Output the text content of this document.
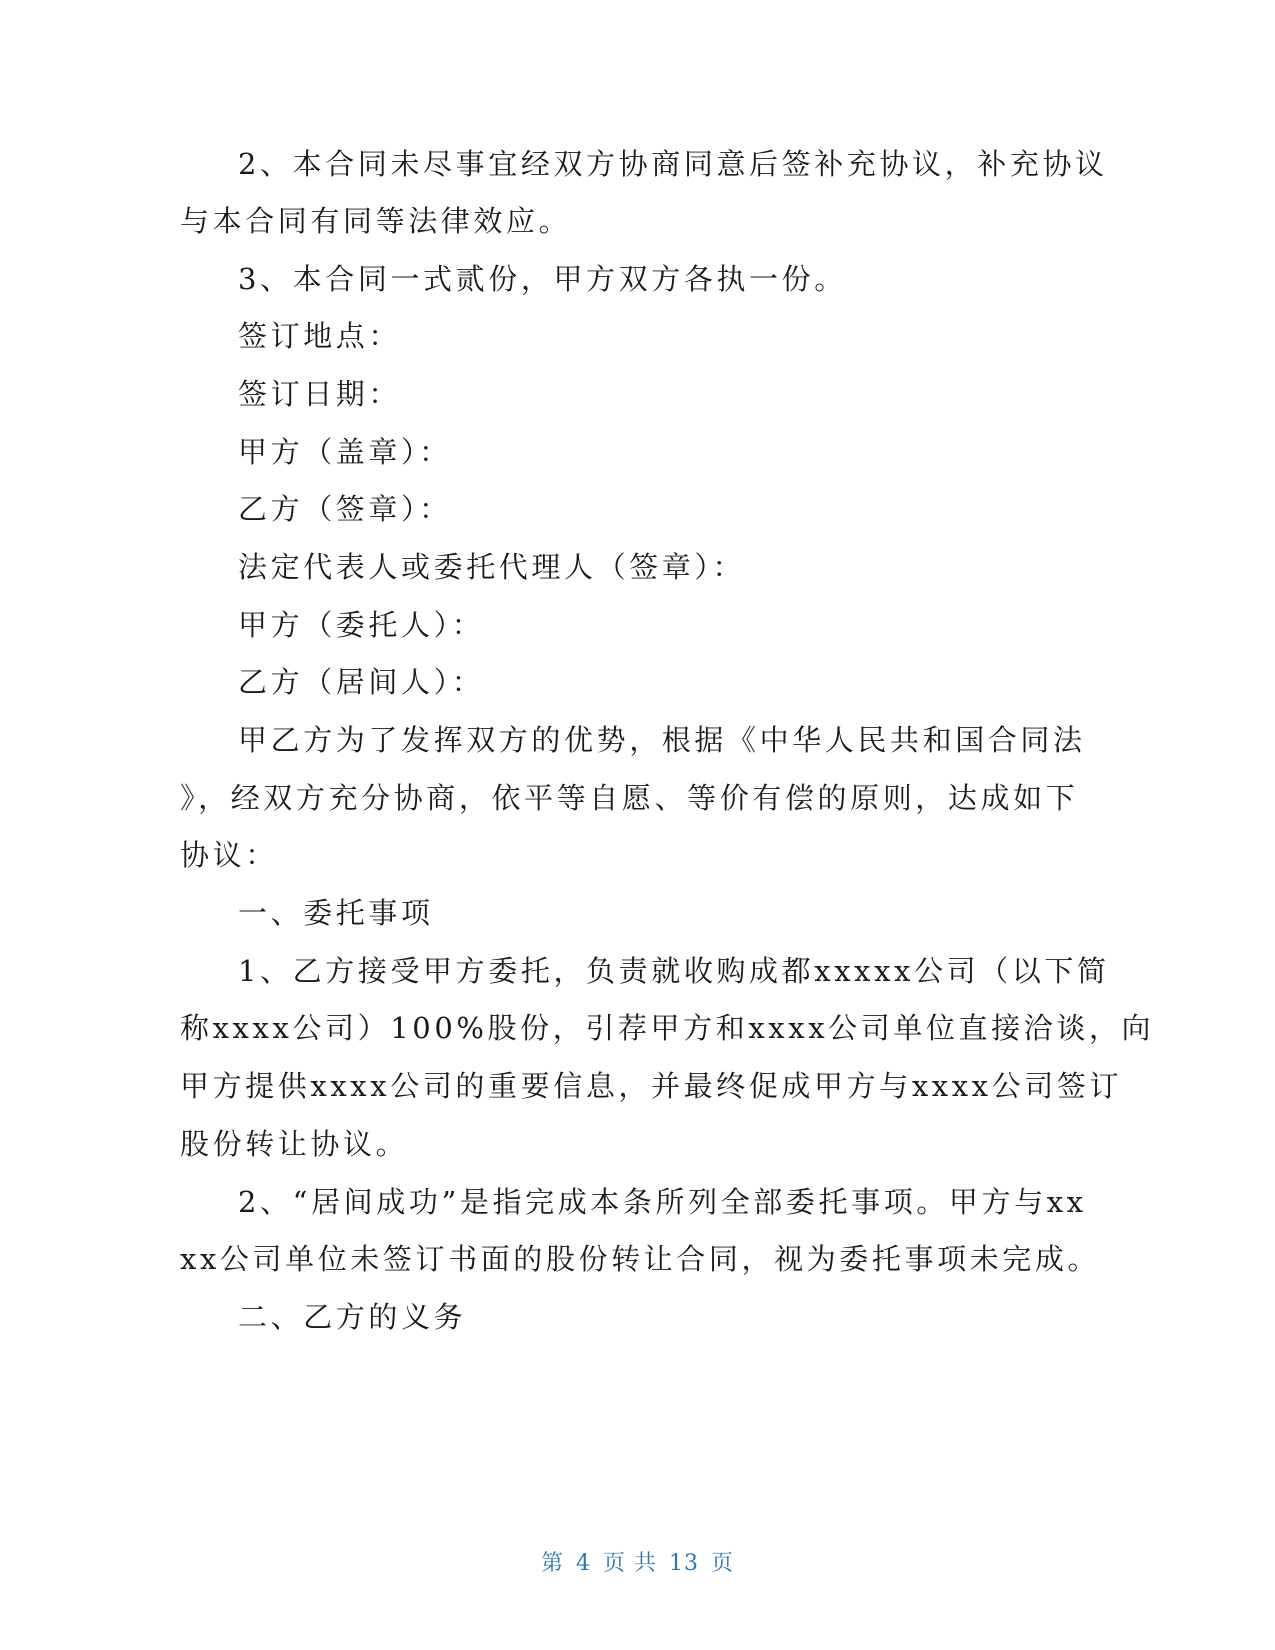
2、本合同未尽事宜经双方协商同意后签补充协议，补充协议
与本合同有同等法律效应。
3、本合同一式贰份，甲方双方各执一份。
签订地点：
签订日期：
甲方（盖章）：
乙方（签章）：
法定代表人或委托代理人（签章）：
甲方（委托人）：
乙方（居间人）：
甲乙方为了发挥双方的优势，根据《中华人民共和国合同法
》，经双方充分协商，依平等自愿、等价有偿的原则，达成如下
协议：
一、委托事项
1、乙方接受甲方委托，负责就收购成都xxxxx公司（以下简
称xxxx公司）100%股份，引荐甲方和xxxx公司单位直接洽谈，向
甲方提供xxxx公司的重要信息，并最终促成甲方与xxxx公司签订
股份转让协议。
2、“居间成功”是指完成本条所列全部委托事项。甲方与xx
xx公司单位未签订书面的股份转让合同，视为委托事项未完成。
二、乙方的义务
第 4 页 共 13 页
